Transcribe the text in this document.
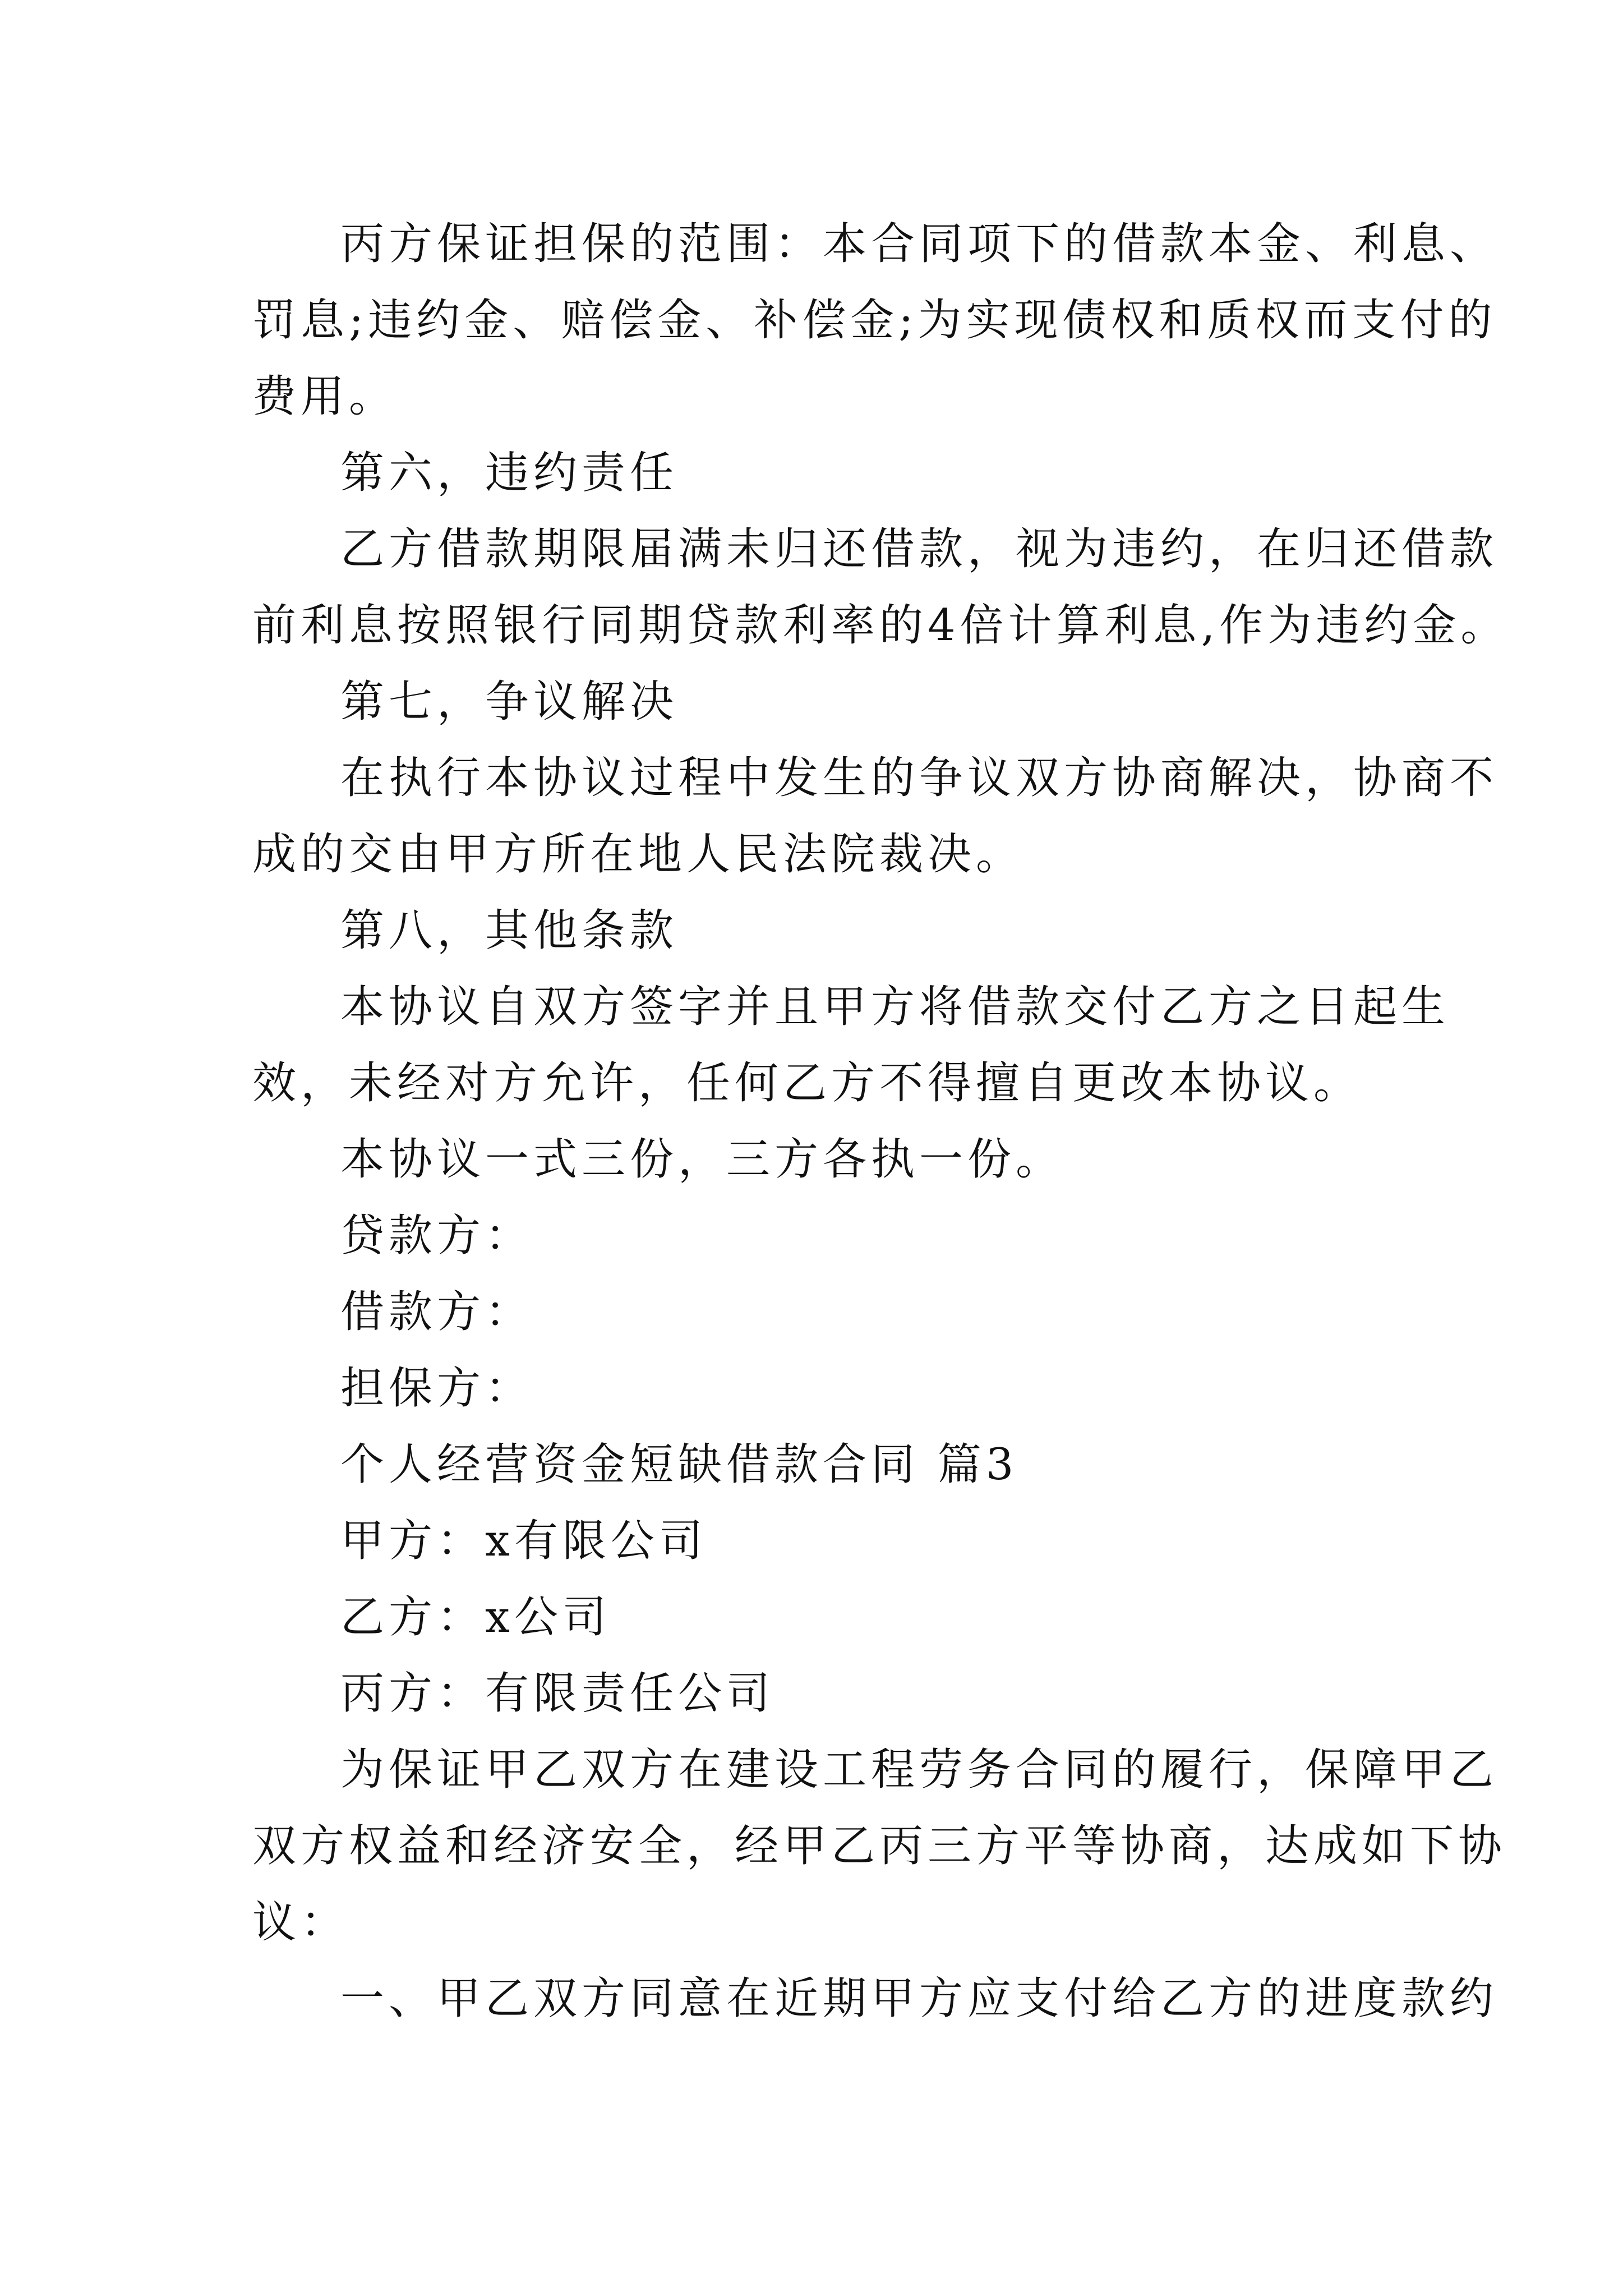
丙方保证担保的范围：本合同项下的借款本金、利息、
罚息;违约金、赔偿金、补偿金;为实现债权和质权而支付的
费用。
第六，违约责任
乙方借款期限届满未归还借款，视为违约，在归还借款
前利息按照银行同期贷款利率的4倍计算利息,作为违约金。
第七，争议解决
在执行本协议过程中发生的争议双方协商解决，协商不
成的交由甲方所在地人民法院裁决。
第八，其他条款
本协议自双方签字并且甲方将借款交付乙方之日起生
效，未经对方允许，任何乙方不得擅自更改本协议。
本协议一式三份，三方各执一份。
贷款方：
借款方：
担保方：
个人经营资金短缺借款合同 篇3
甲方：x有限公司
乙方：x公司
丙方：有限责任公司
为保证甲乙双方在建设工程劳务合同的履行，保障甲乙
双方权益和经济安全，经甲乙丙三方平等协商，达成如下协
议：
一、甲乙双方同意在近期甲方应支付给乙方的进度款约
